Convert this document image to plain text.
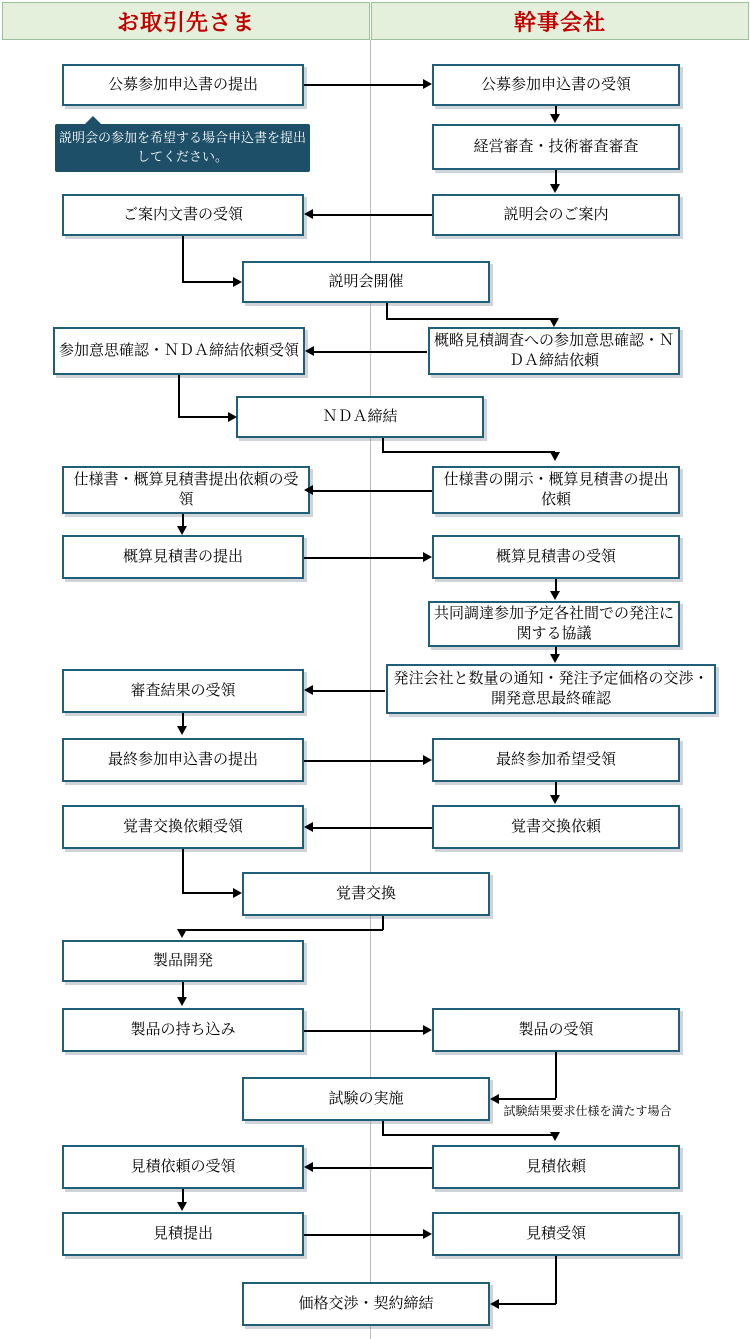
お取引先さま	幹事会社
公募参加申込書の提出
ご案内文書の受領
参加意思確認・ＮＤＡ締結依頼受領
仕様書・概算見積書提出依頼の受領
概算見積書の提出
審査結果の受領
最終参加申込書の提出
覚書交換依頼受領
製品開発
製品の持ち込み
見積依頼の受領
見積提出
公募参加申込書の受領
経営審査・技術審査審査
説明会のご案内
概略見積調査への参加意思確認・ＮＤＡ締結依頼
仕様書の開示・概算見積書の提出依頼
概算見積書の受領
共同調達参加予定各社間での発注に関する協議
発注会社と数量の通知・発注予定価格の交渉・開発意思最終確認
最終参加希望受領
覚書交換依頼
製品の受領
見積依頼
見積受領
説明会開催
ＮＤＡ締結
覚書交換
試験の実施
価格交渉・契約締結
説明会の参加を希望する場合申込書を提出してください。
試験結果要求仕様を満たす場合
